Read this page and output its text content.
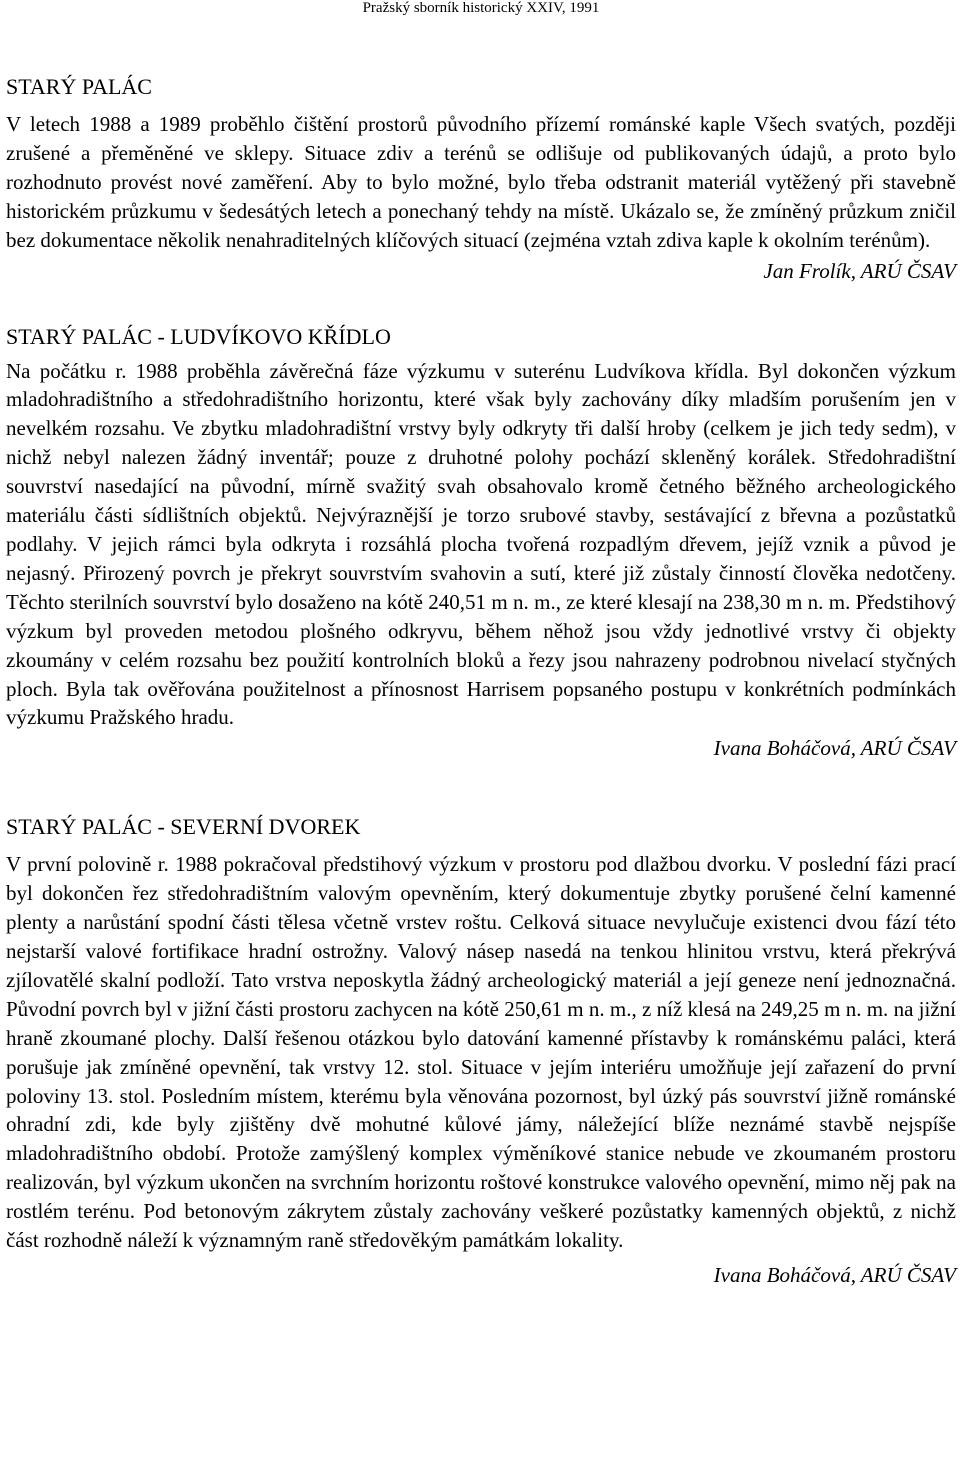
Pražský sborník historický XXIV, 1991
STARÝ PALÁC

V letech 1988 a 1989 proběhlo čištění prostorů původního přízemí románské kaple Všech svatých, později zrušené a přeměněné ve sklepy. Situace zdiv a terénů se odlišuje od publikovaných údajů, a proto bylo rozhodnuto provést nové zaměření. Aby to bylo možné, bylo třeba odstranit materiál vytěžený při stavebně historickém průzkumu v šedesátých letech a ponechaný tehdy na místě. Ukázalo se, že zmíněný průzkum zničil bez dokumentace několik nenahraditelných klíčových situací (zejména vztah zdiva kaple k okolním terénům).

Jan Frolík, ARÚ ČSAV

STARÝ PALÁC - LUDVÍKOVO KŘÍDLO

Na počátku r. 1988 proběhla závěrečná fáze výzkumu v suterénu Ludvíkova křídla. Byl dokončen výzkum mladohradištního a středohradištního horizontu, které však byly zachovány díky mladším porušením jen v nevelkém rozsahu. Ve zbytku mladohradištní vrstvy byly odkryty tři další hroby (celkem je jich tedy sedm), v nichž nebyl nalezen žádný inventář; pouze z druhotné polohy pochází skleněný korálek. Středohradištní souvrství nasedající na původní, mírně svažitý svah obsahovalo kromě četného běžného archeologického materiálu části sídlištních objektů. Nejvýraznější je torzo srubové stavby, sestávající z břevna a pozůstatků podlahy. V jejich rámci byla odkryta i rozsáhlá plocha tvořená rozpadlým dřevem, jejíž vznik a původ je nejasný. Přirozený povrch je překryt souvrstvím svahovin a sutí, které již zůstaly činností člověka nedotčeny. Těchto sterilních souvrství bylo dosaženo na kótě 240,51 m n. m., ze které klesají na 238,30 m n. m. Předstihový výzkum byl proveden metodou plošného odkryvu, během něhož jsou vždy jednotlivé vrstvy či objekty zkoumány v celém rozsahu bez použití kontrolních bloků a řezy jsou nahrazeny podrobnou nivelací styčných ploch. Byla tak ověřována použitelnost a přínosnost Harrisem popsaného postupu v konkrétních podmínkách výzkumu Pražského hradu.

Ivana Boháčová, ARÚ ČSAV

STARÝ PALÁC - SEVERNÍ DVOREK

V první polovině r. 1988 pokračoval předstihový výzkum v prostoru pod dlažbou dvorku. V poslední fázi prací byl dokončen řez středohradištním valovým opevněním, který dokumentuje zbytky porušené čelní kamenné plenty a narůstání spodní části tělesa včetně vrstev roštu. Celková situace nevylučuje existenci dvou fází této nejstarší valové fortifikace hradní ostrožny. Valový násep nasedá na tenkou hlinitou vrstvu, která překrývá zjílovatělé skalní podloží. Tato vrstva neposkytla žádný archeologický materiál a její geneze není jednoznačná. Původní povrch byl v jižní části prostoru zachycen na kótě 250,61 m n. m., z níž klesá na 249,25 m n. m. na jižní hraně zkoumané plochy. Další řešenou otázkou bylo datování kamenné přístavby k románskému paláci, která porušuje jak zmíněné opevnění, tak vrstvy 12. stol. Situace v jejím interiéru umožňuje její zařazení do první poloviny 13. stol. Posledním místem, kterému byla věnována pozornost, byl úzký pás souvrství jižně románské ohradní zdi, kde byly zjištěny dvě mohutné kůlové jámy, náležející blíže neznámé stavbě nejspíše mladohradištního období. Protože zamýšlený komplex výměníkové stanice nebude ve zkoumaném prostoru realizován, byl výzkum ukončen na svrchním horizontu roštové konstrukce valového opevnění, mimo něj pak na rostlém terénu. Pod betonovým zákrytem zůstaly zachovány veškeré pozůstatky kamenných objektů, z nichž část rozhodně náleží k významným raně středověkým památkám lokality.

Ivana Boháčová, ARÚ ČSAV
